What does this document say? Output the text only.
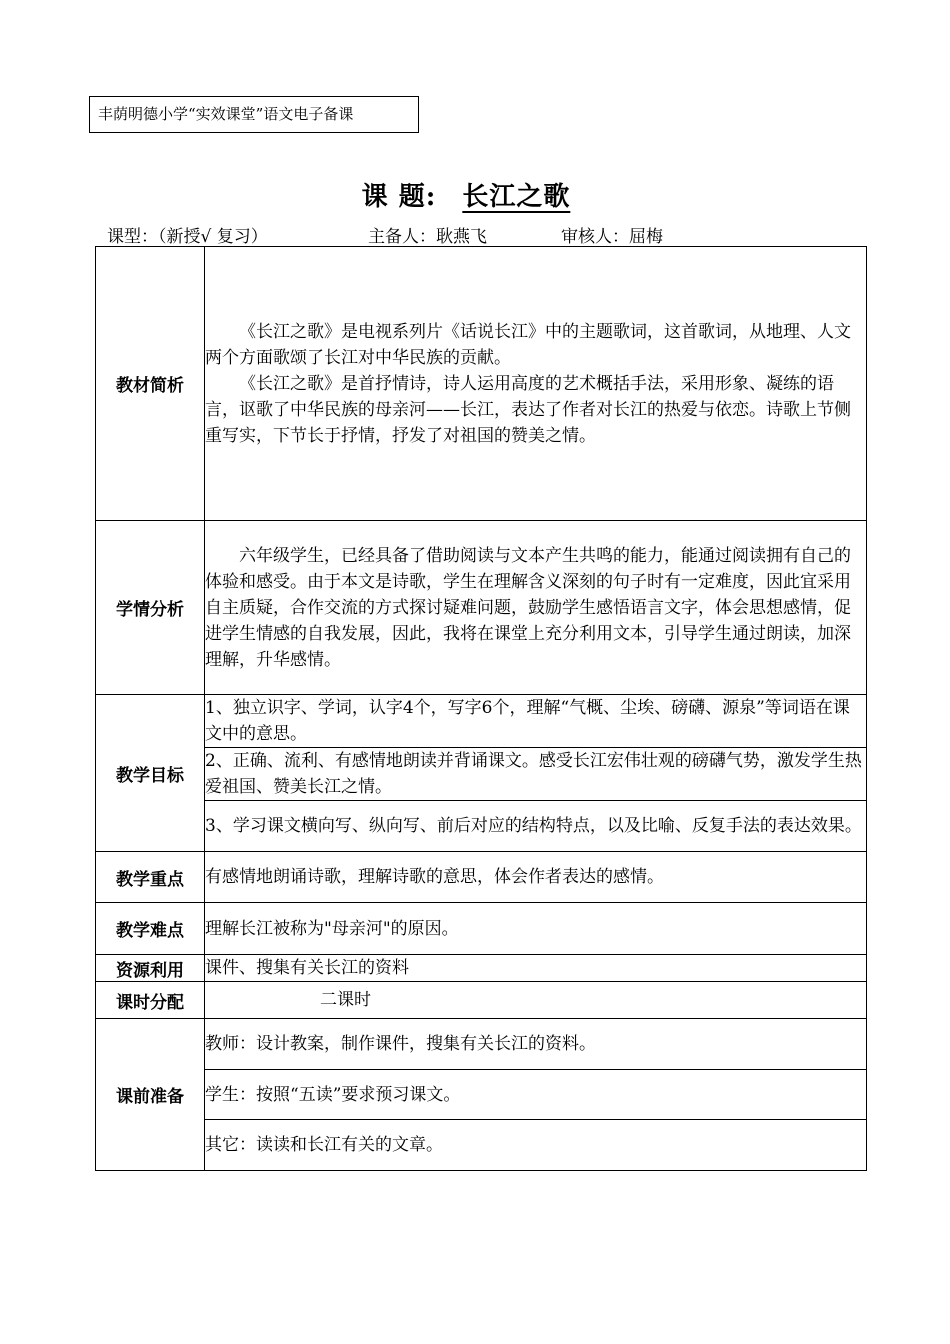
丰荫明德小学“实效课堂”语文电子备课
课 题: 长江之歌
课型：（新授√ 复习）	主备人：耿燕飞	审核人：屈梅
教材简析	《长江之歌》是电视系列片《话说长江》中的主题歌词，这首歌词，从地理、人文两个方面歌颂了长江对中华民族的贡献。

《长江之歌》是首抒情诗，诗人运用高度的艺术概括手法，采用形象、凝练的语言，讴歌了中华民族的母亲河——长江，表达了作者对长江的热爱与依恋。诗歌上节侧重写实，下节长于抒情，抒发了对祖国的赞美之情。

学情分析	六年级学生，已经具备了借助阅读与文本产生共鸣的能力，能通过阅读拥有自己的体验和感受。由于本文是诗歌，学生在理解含义深刻的句子时有一定难度，因此宜采用自主质疑，合作交流的方式探讨疑难问题，鼓励学生感悟语言文字，体会思想感情，促进学生情感的自我发展，因此，我将在课堂上充分利用文本，引导学生通过朗读，加深理解，升华感情。

教学目标	1、独立识字、学词，认字4个，写字6个，理解“气概、尘埃、磅礴、源泉”等词语在课文中的意思。
	2、正确、流利、有感情地朗读并背诵课文。感受长江宏伟壮观的磅礴气势，激发学生热爱祖国、赞美长江之情。
	3、学习课文横向写、纵向写、前后对应的结构特点，以及比喻、反复手法的表达效果。
教学重点	有感情地朗诵诗歌，理解诗歌的意思，体会作者表达的感情。
教学难点	理解长江被称为"母亲河"的原因。
资源利用	课件、搜集有关长江的资料
课时分配	二课时
课前准备	教师：设计教案，制作课件，搜集有关长江的资料。
	学生：按照“五读”要求预习课文。
	其它：读读和长江有关的文章。
